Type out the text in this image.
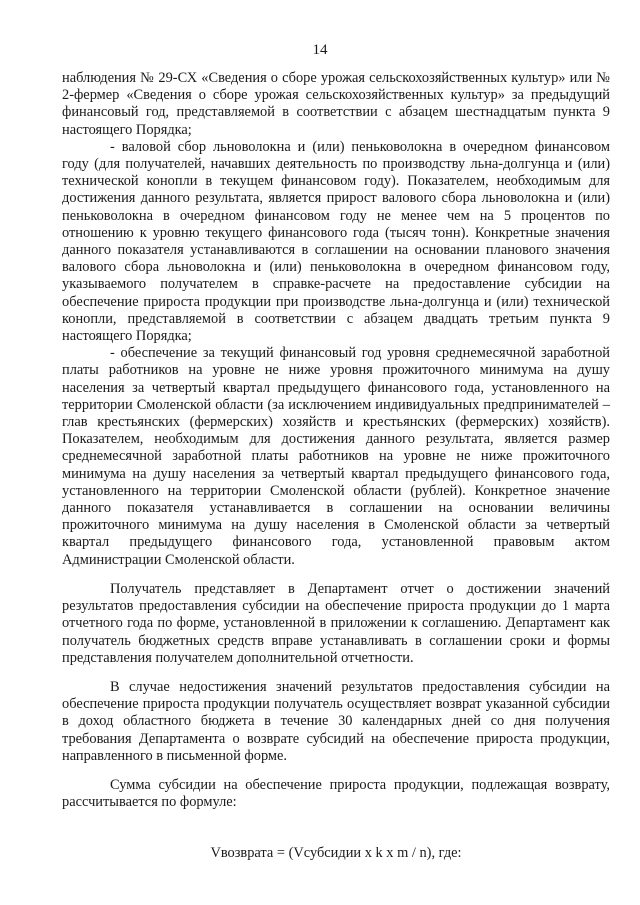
14

наблюдения № 29-СХ «Сведения о сборе урожая сельскохозяйственных культур» или № 2-фермер «Сведения о сборе урожая сельскохозяйственных культур» за предыдущий финансовый год, представляемой в соответствии с абзацем шестнадцатым пункта 9 настоящего Порядка;

- валовой сбор льноволокна и (или) пеньковолокна в очередном финансовом году (для получателей, начавших деятельность по производству льна-долгунца и (или) технической конопли в текущем финансовом году). Показателем, необходимым для достижения данного результата, является прирост валового сбора льноволокна и (или) пеньковолокна в очередном финансовом году не менее чем на 5 процентов по отношению к уровню текущего финансового года (тысяч тонн). Конкретные значения данного показателя устанавливаются в соглашении на основании планового значения валового сбора льноволокна и (или) пеньковолокна в очередном финансовом году, указываемого получателем в справке-расчете на предоставление субсидии на обеспечение прироста продукции при производстве льна-долгунца и (или) технической конопли, представляемой в соответствии с абзацем двадцать третьим пункта 9 настоящего Порядка;

- обеспечение за текущий финансовый год уровня среднемесячной заработной платы работников на уровне не ниже уровня прожиточного минимума на душу населения за четвертый квартал предыдущего финансового года, установленного на территории Смоленской области (за исключением индивидуальных предпринимателей – глав крестьянских (фермерских) хозяйств и крестьянских (фермерских) хозяйств). Показателем, необходимым для достижения данного результата, является размер среднемесячной заработной платы работников на уровне не ниже прожиточного минимума на душу населения за четвертый квартал предыдущего финансового года, установленного на территории Смоленской области (рублей). Конкретное значение данного показателя устанавливается в соглашении на основании величины прожиточного минимума на душу населения в Смоленской области за четвертый квартал предыдущего финансового года, установленной правовым актом Администрации Смоленской области.

Получатель представляет в Департамент отчет о достижении значений результатов предоставления субсидии на обеспечение прироста продукции до 1 марта отчетного года по форме, установленной в приложении к соглашению. Департамент как получатель бюджетных средств вправе устанавливать в соглашении сроки и формы представления получателем дополнительной отчетности.

В случае недостижения значений результатов предоставления субсидии на обеспечение прироста продукции получатель осуществляет возврат указанной субсидии в доход областного бюджета в течение 30 календарных дней со дня получения требования Департамента о возврате субсидий на обеспечение прироста продукции, направленного в письменной форме.

Сумма субсидии на обеспечение прироста продукции, подлежащая возврату, рассчитывается по формуле:

Vвозврата = (Vсубсидии x k x m / n), где:
